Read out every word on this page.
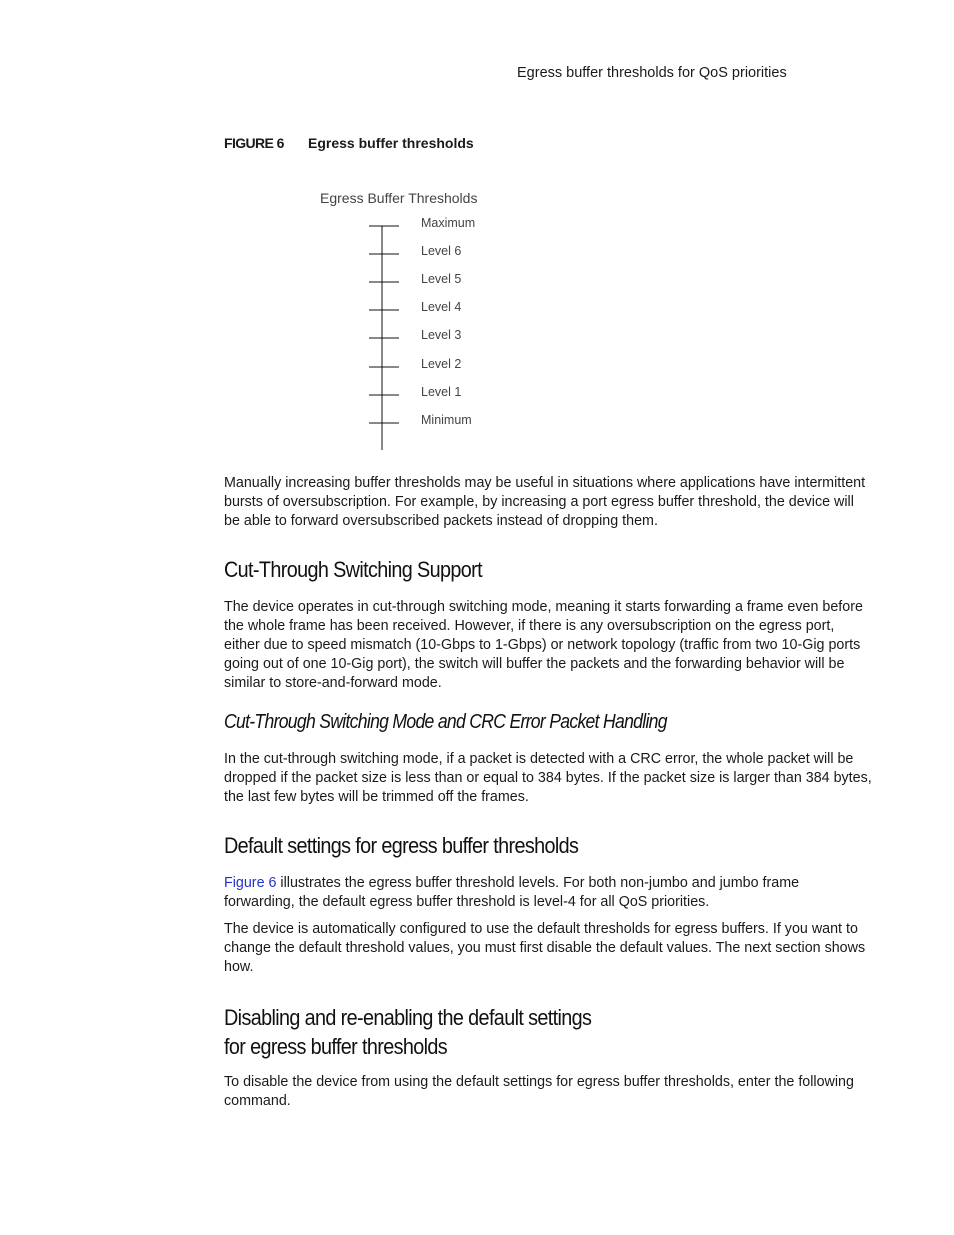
Egress buffer thresholds for QoS priorities
FIGURE 6 Egress buffer thresholds
Egress Buffer Thresholds
Maximum
Level 6
Level 5
Level 4
Level 3
Level 2
Level 1
Minimum

Manually increasing buffer thresholds may be useful in situations where applications have intermittent bursts of oversubscription. For example, by increasing a port egress buffer threshold, the device will be able to forward oversubscribed packets instead of dropping them.

Cut-Through Switching Support

The device operates in cut-through switching mode, meaning it starts forwarding a frame even before the whole frame has been received. However, if there is any oversubscription on the egress port, either due to speed mismatch (10-Gbps to 1-Gbps) or network topology (traffic from two 10-Gig ports going out of one 10-Gig port), the switch will buffer the packets and the forwarding behavior will be similar to store-and-forward mode.

Cut-Through Switching Mode and CRC Error Packet Handling

In the cut-through switching mode, if a packet is detected with a CRC error, the whole packet will be dropped if the packet size is less than or equal to 384 bytes. If the packet size is larger than 384 bytes, the last few bytes will be trimmed off the frames.

Default settings for egress buffer thresholds

Figure 6 illustrates the egress buffer threshold levels. For both non-jumbo and jumbo frame forwarding, the default egress buffer threshold is level-4 for all QoS priorities.

The device is automatically configured to use the default thresholds for egress buffers. If you want to change the default threshold values, you must first disable the default values. The next section shows how.

Disabling and re-enabling the default settings
for egress buffer thresholds

To disable the device from using the default settings for egress buffer thresholds, enter the following command.
